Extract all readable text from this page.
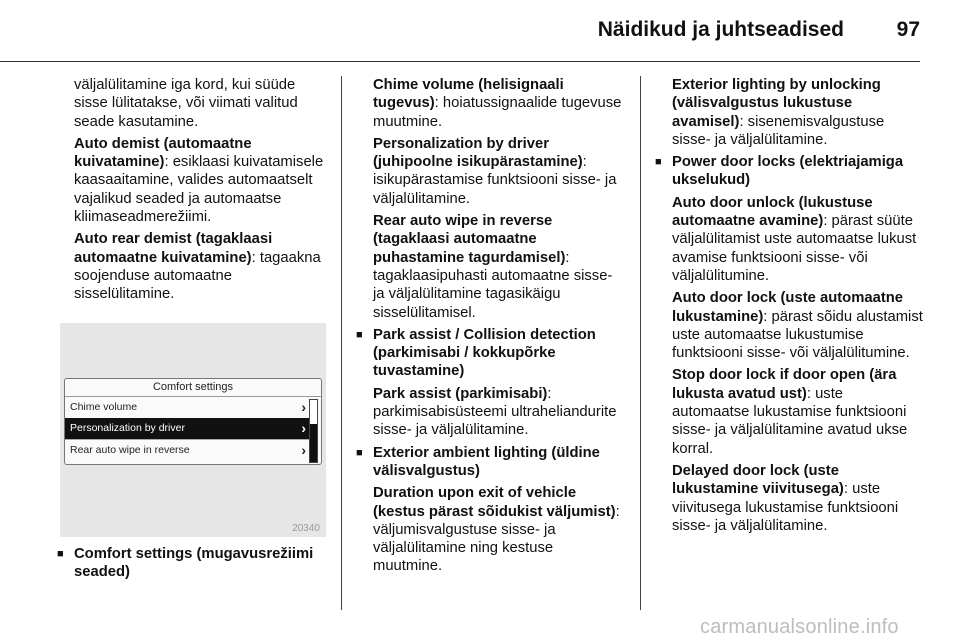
Näidikud ja juhtseadised	97

väljalülitamine iga kord, kui süüde sisse lülitatakse, või viimati valitud seade kasutamine.

Auto demist (automaatne kuivatamine): esiklaasi kuivatamisele kaasaaitamine, valides automaatselt vajalikud seaded ja automaatse kliimaseadmerežiimi.

Auto rear demist (tagaklaasi automaatne kuivatamine): tagaakna soojenduse automaatne sisselülitamine.

Comfort settings
Chime volume	›
Personalization by driver	›
Rear auto wipe in reverse	›
20340
■ Comfort settings (mugavusrežiimi seaded)

Chime volume (helisignaali tugevus): hoiatussignaalide tugevuse muutmine.

Personalization by driver (juhipoolne isikupärastamine): isikupärastamise funktsiooni sisse- ja väljalülitamine.

Rear auto wipe in reverse (tagaklaasi automaatne puhastamine tagurdamisel): tagaklaasipuhasti automaatne sisse- ja väljalülitamine tagasikäigu sisselülitamisel.

■ Park assist / Collision detection (parkimisabi / kokkupõrke tuvastamine)

Park assist (parkimisabi): parkimisabisüsteemi ultraheliandurite sisse- ja väljalülitamine.

■ Exterior ambient lighting (üldine välisvalgustus)

Duration upon exit of vehicle (kestus pärast sõidukist väljumist): väljumisvalgustuse sisse- ja väljalülitamine ning kestuse muutmine.

Exterior lighting by unlocking (välisvalgustus lukustuse avamisel): sisenemisvalgustuse sisse- ja väljalülitamine.

■ Power door locks (elektriajamiga ukselukud)

Auto door unlock (lukustuse automaatne avamine): pärast süüte väljalülitamist uste automaatse lukust avamise funktsiooni sisse- või väljalülitumine.

Auto door lock (uste automaatne lukustamine): pärast sõidu alustamist uste automaatse lukustumise funktsiooni sisse- või väljalülitumine.

Stop door lock if door open (ära lukusta avatud ust): uste automaatse lukustamise funktsiooni sisse- ja väljalülitamine avatud ukse korral.

Delayed door lock (uste lukustamine viivitusega): uste viivitusega lukustamise funktsiooni sisse- ja väljalülitamine.

carmanualsonline.info
